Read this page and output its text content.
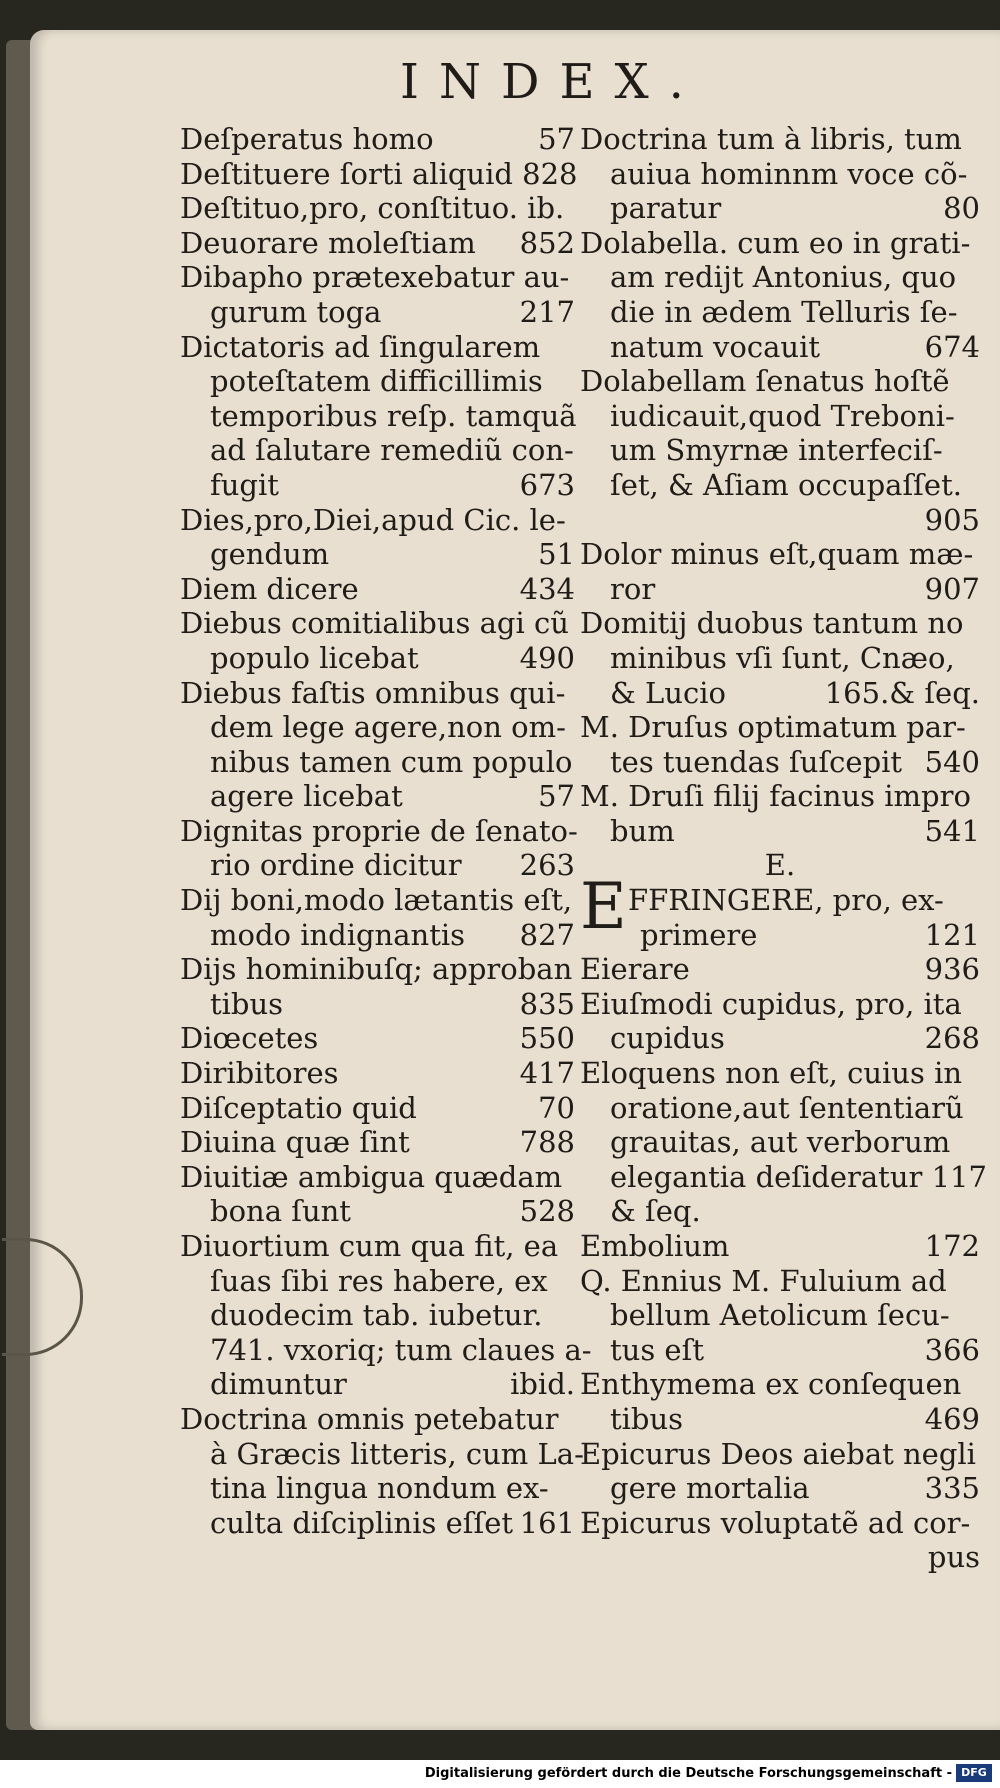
INDEX.
Deſperatus homo	57
Deſtituere ſorti aliquid 828
Deſtituo,pro, conſtituo. ib.
Deuorare moleſtiam 852
Dibapho prætexebatur au-
gurum toga	217
Dictatoris ad ſingularem
poteſtatem difficillimis
temporibus reſp. tamquã
ad ſalutare remediũ con-
fugit	673
Dies,pro,Diei,apud Cic. le-
gendum	51
Diem dicere	434
Diebus comitialibus agi cũ
populo licebat	490
Diebus faſtis omnibus qui-
dem lege agere,non om-
nibus tamen cum populo
agere licebat	57
Dignitas proprie de ſenato-
rio ordine dicitur 263
Dij boni,modo lætantis eſt,
modo indignantis 827
Dijs hominibuſq; approban
tibus	835
Diœcetes	550
Diribitores	417
Diſceptatio quid	70
Diuina quæ ſint	788
Diuitiæ ambigua quædam
bona ſunt	528
Diuortium cum qua fit, ea
ſuas ſibi res habere, ex
duodecim tab. iubetur.
741. vxoriq; tum claues a-
dimuntur	ibid.
Doctrina omnis petebatur
à Græcis litteris, cum La-
tina lingua nondum ex-
culta diſciplinis eſſet 161
Doctrina tum à libris, tum
auiua hominnm voce cõ-
paratur	80
Dolabella. cum eo in grati-
am redijt Antonius, quo
die in ædem Telluris ſe-
natum vocauit	674
Dolabellam ſenatus hoſtẽ
iudicauit,quod Treboni-
um Smyrnæ interfeciſ-
ſet, & Aſiam occupaſſet.
905
Dolor minus eſt,quam mæ-
ror	907
Domitij duobus tantum no
minibus vſi ſunt, Cnæo,
& Lucio	165.& ſeq.
M. Druſus optimatum par-
tes tuendas ſuſcepit 540
M. Druſi filij facinus impro
bum	541
E.
E FFRINGERE, pro, ex-
primere	121
Eierare	936
Eiuſmodi cupidus, pro, ita
cupidus	268
Eloquens non eſt, cuius in
oratione,aut ſententiarũ
grauitas, aut verborum
elegantia deſideratur 117
& ſeq.
Embolium	172
Q. Ennius M. Fuluium ad
bellum Aetolicum ſecu-
tus eſt	366
Enthymema ex conſequen
tibus	469
Epicurus Deos aiebat negli
gere mortalia	335
Epicurus voluptatẽ ad cor-
pus
Digitalisierung gefördert durch die Deutsche Forschungsgemeinschaft - DFG
